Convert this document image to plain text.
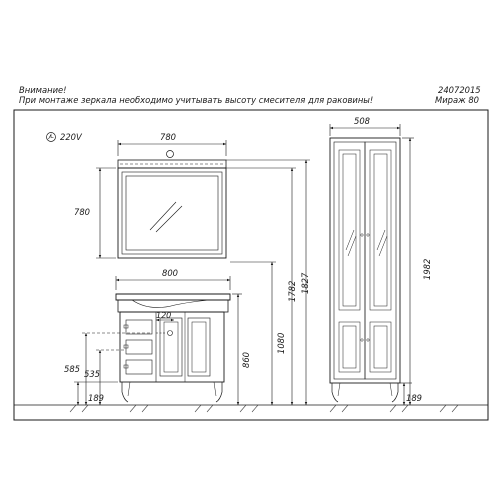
Внимание!
При монтаже зеркала необходимо учитывать высоту смесителя для раковины!
24072015
Мираж 80
220V	780
780
800
120
585 535
189
860
1080
1782 1827
508
1982
189
